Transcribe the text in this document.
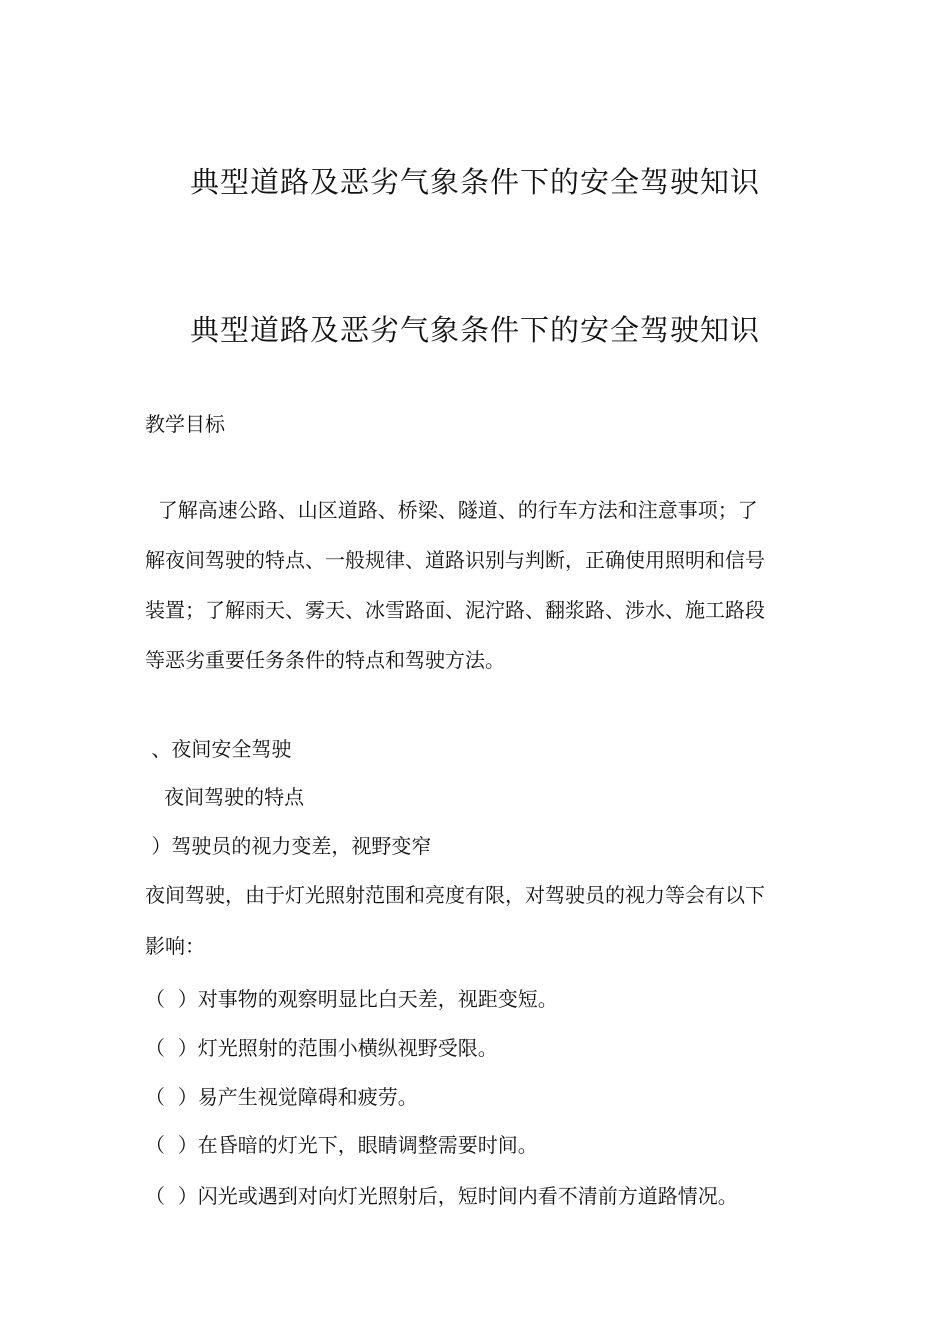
典型道路及恶劣气象条件下的安全驾驶知识
典型道路及恶劣气象条件下的安全驾驶知识
教学目标
了解高速公路、山区道路、桥梁、隧道、的行车方法和注意事项；了
解夜间驾驶的特点、一般规律、道路识别与判断，正确使用照明和信号
装置；了解雨天、雾天、冰雪路面、泥泞路、翻浆路、涉水、施工路段
等恶劣重要任务条件的特点和驾驶方法。
、夜间安全驾驶
夜间驾驶的特点
）驾驶员的视力变差，视野变窄
夜间驾驶，由于灯光照射范围和亮度有限，对驾驶员的视力等会有以下
影响：
（  ）对事物的观察明显比白天差，视距变短。
（  ）灯光照射的范围小横纵视野受限。
（  ）易产生视觉障碍和疲劳。
（  ）在昏暗的灯光下，眼睛调整需要时间。
（  ）闪光或遇到对向灯光照射后，短时间内看不清前方道路情况。
